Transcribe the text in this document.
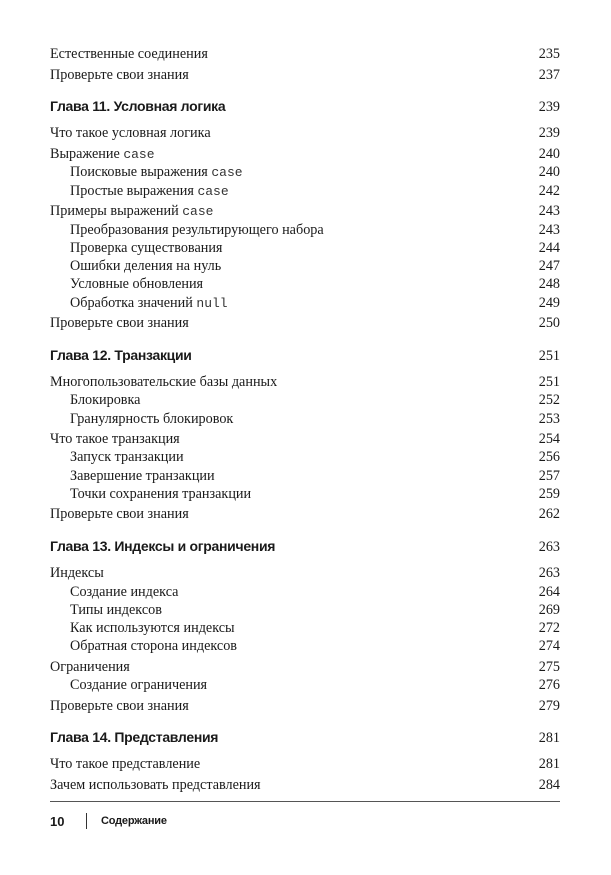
Естественные соединения	235
Проверьте свои знания	237
Глава 11. Условная логика	239
Что такое условная логика	239
Выражение case	240
Поисковые выражения case	240
Простые выражения case	242
Примеры выражений case	243
Преобразования результирующего набора	243
Проверка существования	244
Ошибки деления на нуль	247
Условные обновления	248
Обработка значений null	249
Проверьте свои знания	250
Глава 12. Транзакции	251
Многопользовательские базы данных	251
Блокировка	252
Гранулярность блокировок	253
Что такое транзакция	254
Запуск транзакции	256
Завершение транзакции	257
Точки сохранения транзакции	259
Проверьте свои знания	262
Глава 13. Индексы и ограничения	263
Индексы	263
Создание индекса	264
Типы индексов	269
Как используются индексы	272
Обратная сторона индексов	274
Ограничения	275
Создание ограничения	276
Проверьте свои знания	279
Глава 14. Представления	281
Что такое представление	281
Зачем использовать представления	284
10	Содержание
